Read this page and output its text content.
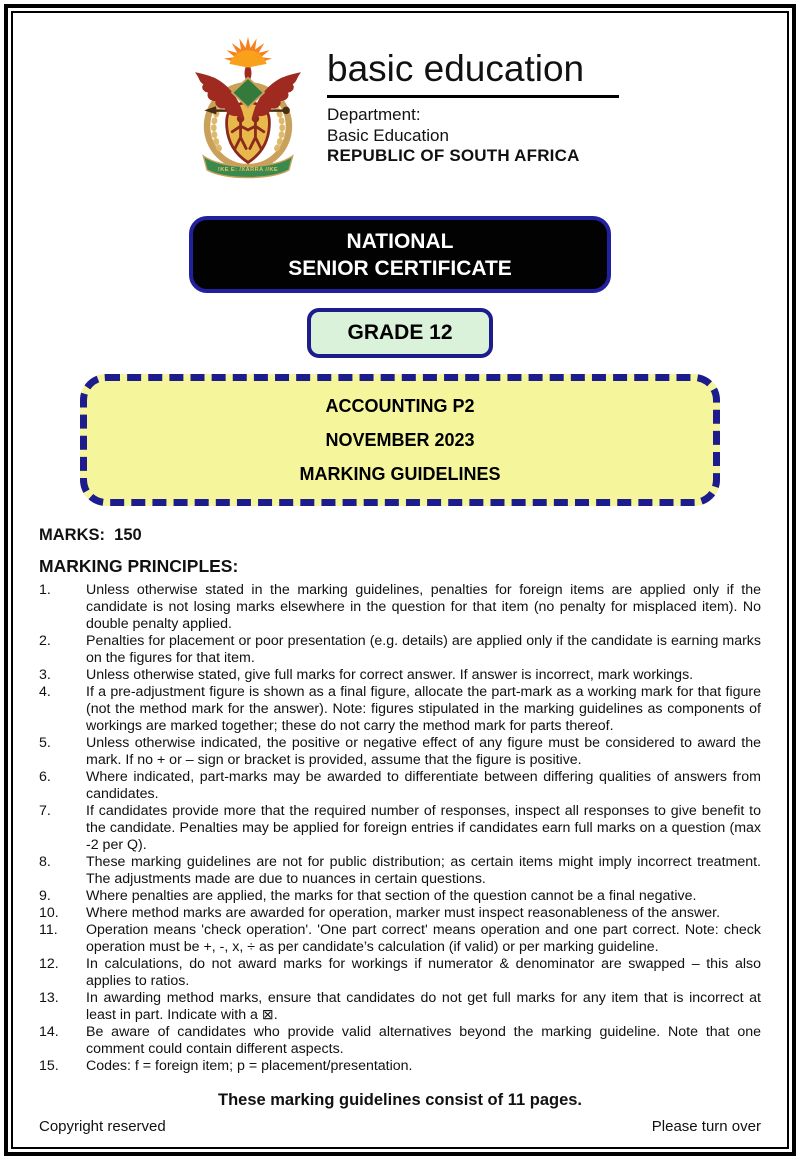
!KE E: /XARRA //KE
basic education
Department:
Basic Education
REPUBLIC OF SOUTH AFRICA
NATIONAL
SENIOR CERTIFICATE
GRADE 12
ACCOUNTING P2
NOVEMBER 2023
MARKING GUIDELINES
MARKS:  150
MARKING PRINCIPLES:
1.	Unless otherwise stated in the marking guidelines, penalties for foreign items are applied only if the candidate is not losing marks elsewhere in the question for that item (no penalty for misplaced item). No double penalty applied.
2.	Penalties for placement or poor presentation (e.g. details) are applied only if the candidate is earning marks on the figures for that item.
3.	Unless otherwise stated, give full marks for correct answer. If answer is incorrect, mark workings.
4.	If a pre-adjustment figure is shown as a final figure, allocate the part-mark as a working mark for that figure (not the method mark for the answer). Note: figures stipulated in the marking guidelines as components of workings are marked together; these do not carry the method mark for parts thereof.
5.	Unless otherwise indicated, the positive or negative effect of any figure must be considered to award the mark. If no + or – sign or bracket is provided, assume that the figure is positive.
6.	Where indicated, part-marks may be awarded to differentiate between differing qualities of answers from candidates.
7.	If candidates provide more that the required number of responses, inspect all responses to give benefit to the candidate. Penalties may be applied for foreign entries if candidates earn full marks on a question (max -2 per Q).
8.	These marking guidelines are not for public distribution; as certain items might imply incorrect treatment. The adjustments made are due to nuances in certain questions.
9.	Where penalties are applied, the marks for that section of the question cannot be a final negative.
10.	Where method marks are awarded for operation, marker must inspect reasonableness of the answer.
11.	Operation means 'check operation'. 'One part correct' means operation and one part correct. Note: check operation must be +, -, x, ÷ as per candidate’s calculation (if valid) or per marking guideline.
12.	In calculations, do not award marks for workings if numerator & denominator are swapped – this also applies to ratios.
13.	In awarding method marks, ensure that candidates do not get full marks for any item that is incorrect at least in part. Indicate with a ⊠.
14.	Be aware of candidates who provide valid alternatives beyond the marking guideline. Note that one comment could contain different aspects.
15.	Codes: f = foreign item; p = placement/presentation.
These marking guidelines consist of 11 pages.
Copyright reserved	Please turn over
